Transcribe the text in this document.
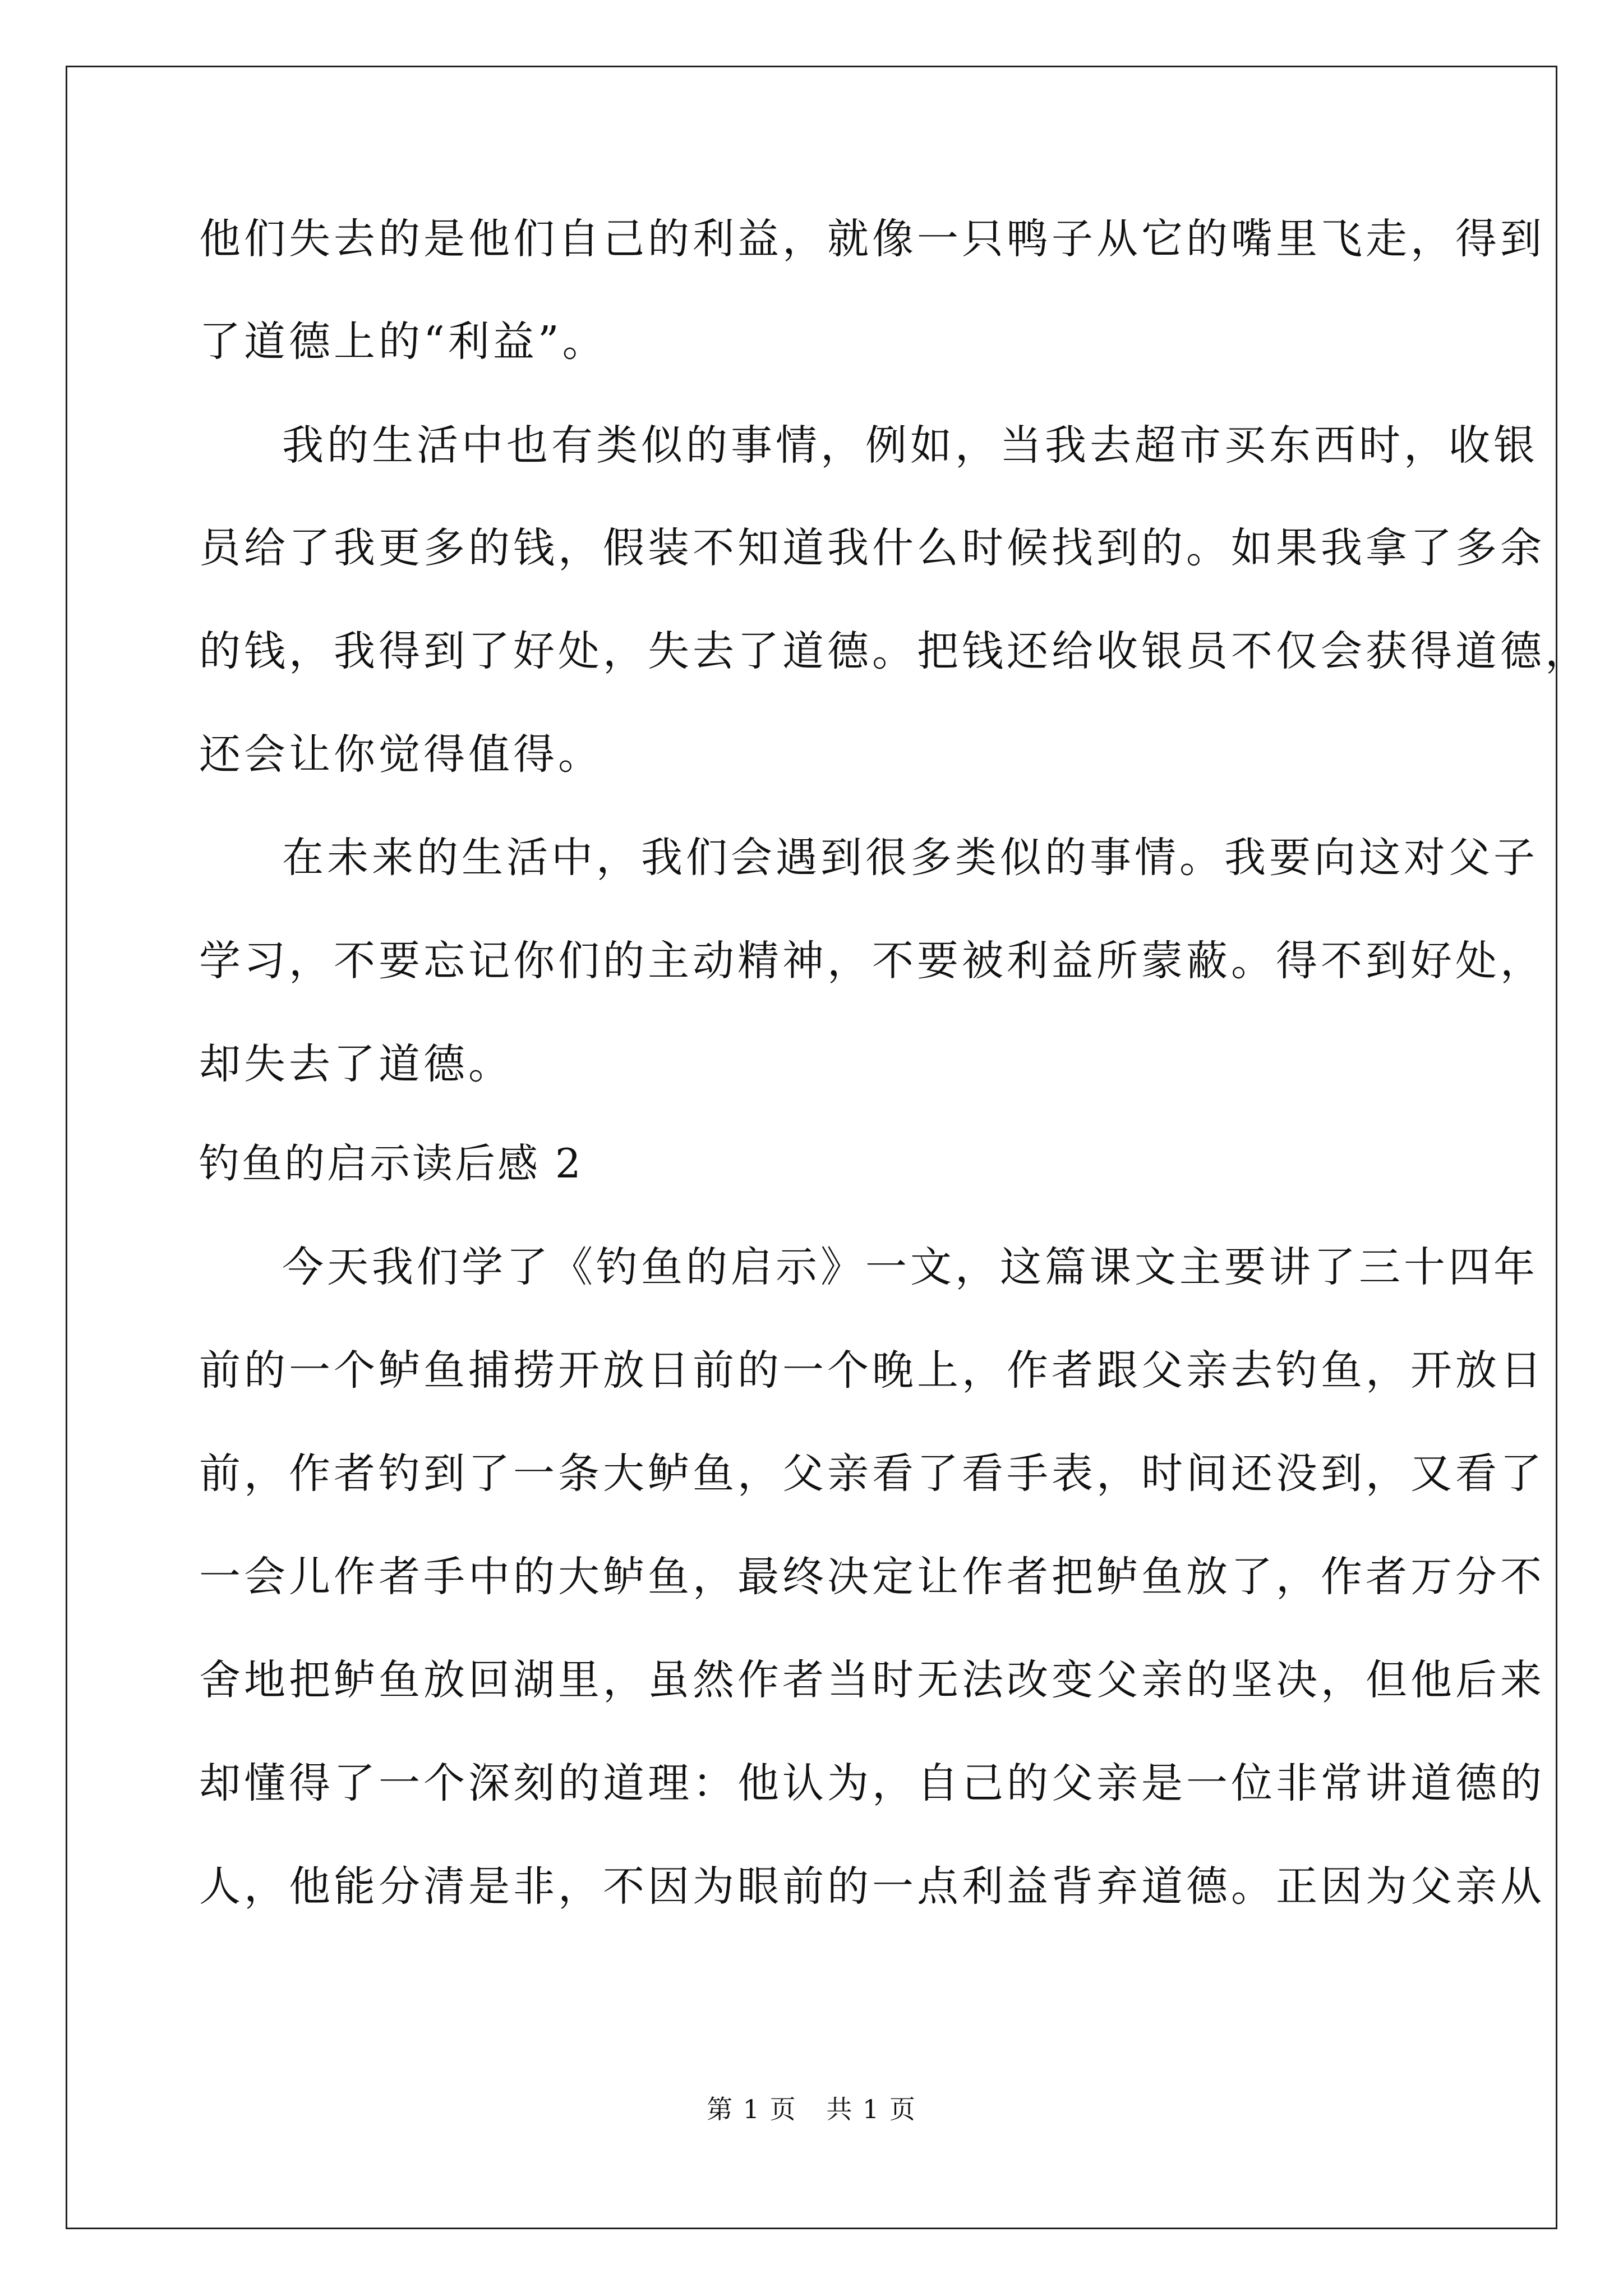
他们失去的是他们自己的利益，就像一只鸭子从它的嘴里飞走，得到
了道德上的“利益”。
我的生活中也有类似的事情，例如，当我去超市买东西时，收银
员给了我更多的钱，假装不知道我什么时候找到的。如果我拿了多余
的钱，我得到了好处，失去了道德。把钱还给收银员不仅会获得道德，
还会让你觉得值得。
在未来的生活中，我们会遇到很多类似的事情。我要向这对父子
学习，不要忘记你们的主动精神，不要被利益所蒙蔽。得不到好处，
却失去了道德。
钓鱼的启示读后感 2
今天我们学了《钓鱼的启示》一文，这篇课文主要讲了三十四年
前的一个鲈鱼捕捞开放日前的一个晚上，作者跟父亲去钓鱼，开放日
前，作者钓到了一条大鲈鱼，父亲看了看手表，时间还没到，又看了
一会儿作者手中的大鲈鱼，最终决定让作者把鲈鱼放了，作者万分不
舍地把鲈鱼放回湖里，虽然作者当时无法改变父亲的坚决，但他后来
却懂得了一个深刻的道理：他认为，自己的父亲是一位非常讲道德的
人，他能分清是非，不因为眼前的一点利益背弃道德。正因为父亲从
第 1 页 共 1 页
